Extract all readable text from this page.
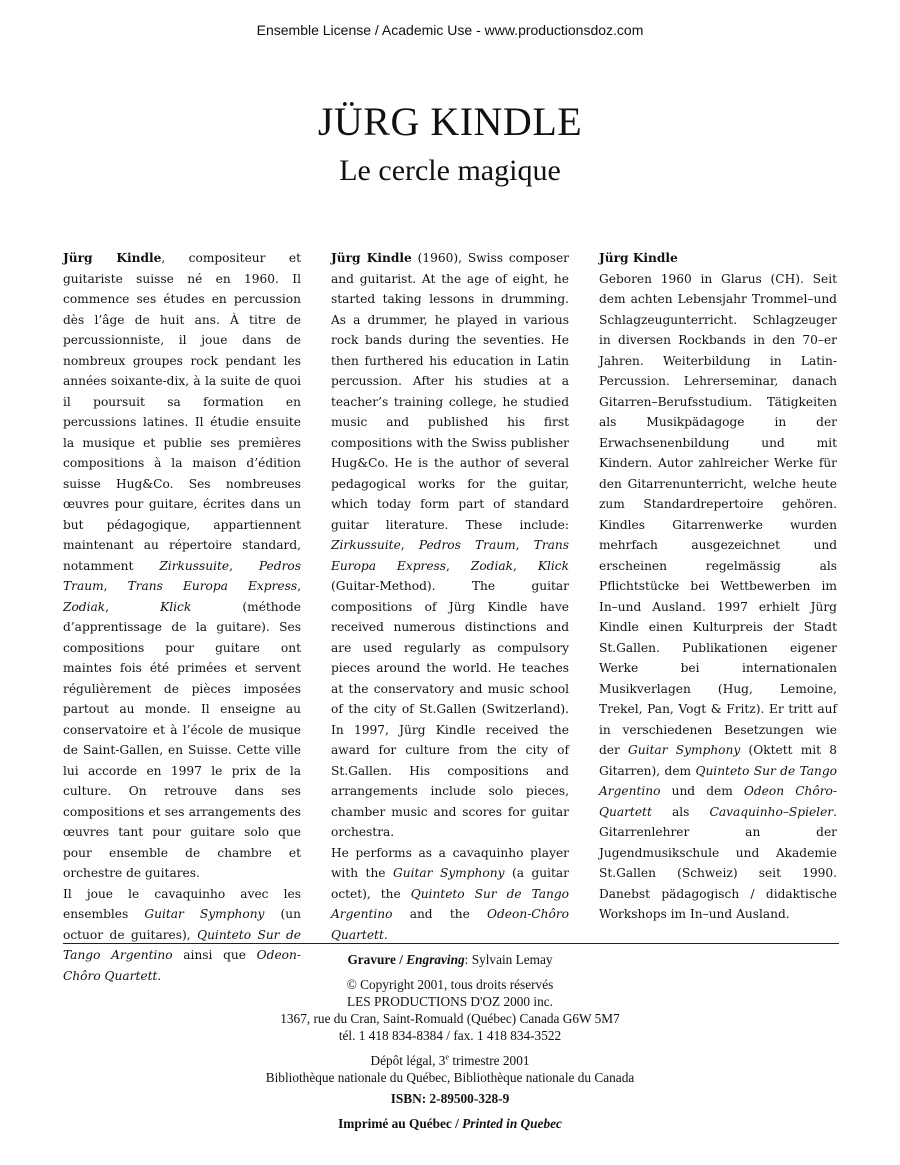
Ensemble License / Academic Use - www.productionsdoz.com
JÜRG KINDLE
Le cercle magique

Jürg Kindle, compositeur et guitariste suisse né en 1960. Il commence ses études en percussion dès l’âge de huit ans. À titre de percussionniste, il joue dans de nombreux groupes rock pendant les années soixante-dix, à la suite de quoi il poursuit sa formation en percussions latines. Il étudie ensuite la musique et publie ses premières compositions à la maison d’édition suisse Hug&Co. Ses nombreuses œuvres pour guitare, écrites dans un but pédagogique, appartiennent maintenant au répertoire standard, notamment Zirkussuite, Pedros Traum, Trans Europa Express, Zodiak, Klick (méthode d’apprentissage de la guitare). Ses compositions pour guitare ont maintes fois été primées et servent régulièrement de pièces imposées partout au monde. Il enseigne au conservatoire et à l’école de musique de Saint-Gallen, en Suisse. Cette ville lui accorde en 1997 le prix de la culture. On retrouve dans ses compositions et ses arrangements des œuvres tant pour guitare solo que pour ensemble de chambre et orchestre de guitares.

Il joue le cavaquinho avec les ensembles Guitar Symphony (un octuor de guitares), Quinteto Sur de Tango Argentino ainsi que Odeon-Chôro Quartett.

Jürg Kindle (1960), Swiss composer and guitarist. At the age of eight, he started taking lessons in drumming. As a drummer, he played in various rock bands during the seventies. He then furthered his education in Latin percussion. After his studies at a teacher’s training college, he studied music and published his first compositions with the Swiss publisher Hug&Co. He is the author of several pedagogical works for the guitar, which today form part of standard guitar literature. These include: Zirkussuite, Pedros Traum, Trans Europa Express, Zodiak, Klick (Guitar-Method). The guitar compositions of Jürg Kindle have received numerous distinctions and are used regularly as compulsory pieces around the world. He teaches at the conservatory and music school of the city of St.Gallen (Switzerland). In 1997, Jürg Kindle received the award for culture from the city of St.Gallen. His compositions and arrangements include solo pieces, chamber music and scores for guitar orchestra.

He performs as a cavaquinho player with the Guitar Symphony (a guitar octet), the Quinteto Sur de Tango Argentino and the Odeon-Chôro Quartett.

Jürg Kindle

Geboren 1960 in Glarus (CH). Seit dem achten Lebensjahr Trommel–und Schlagzeugunterricht. Schlagzeuger in diversen Rockbands in den 70–er Jahren. Weiterbildung in Latin-Percussion. Lehrerseminar, danach Gitarren–Berufsstudium. Tätigkeiten als Musikpädagoge in der Erwachsenenbildung und mit Kindern. Autor zahlreicher Werke für den Gitarrenunterricht, welche heute zum Standardrepertoire gehören. Kindles Gitarrenwerke wurden mehrfach ausgezeichnet und erscheinen regelmässig als Pflichtstücke bei Wettbewerben im In–und Ausland. 1997 erhielt Jürg Kindle einen Kulturpreis der Stadt St.Gallen. Publikationen eigener Werke bei internationalen Musikverlagen (Hug, Lemoine, Trekel, Pan, Vogt & Fritz). Er tritt auf in verschiedenen Besetzungen wie der Guitar Symphony (Oktett mit 8 Gitarren), dem Quinteto Sur de Tango Argentino und dem Odeon Chôro-Quartett als Cavaquinho–Spieler. Gitarrenlehrer an der Jugendmusikschule und Akademie St.Gallen (Schweiz) seit 1990. Danebst pädagogisch / didaktische Workshops im In–und Ausland.

Gravure / Engraving: Sylvain Lemay

© Copyright 2001, tous droits réservés

LES PRODUCTIONS D'OZ 2000 inc.

1367, rue du Cran, Saint-Romuald (Québec) Canada G6W 5M7

tél. 1 418 834-8384 / fax. 1 418 834-3522

Dépôt légal, 3e trimestre 2001

Bibliothèque nationale du Québec, Bibliothèque nationale du Canada

ISBN: 2-89500-328-9

Imprimé au Québec / Printed in Quebec
